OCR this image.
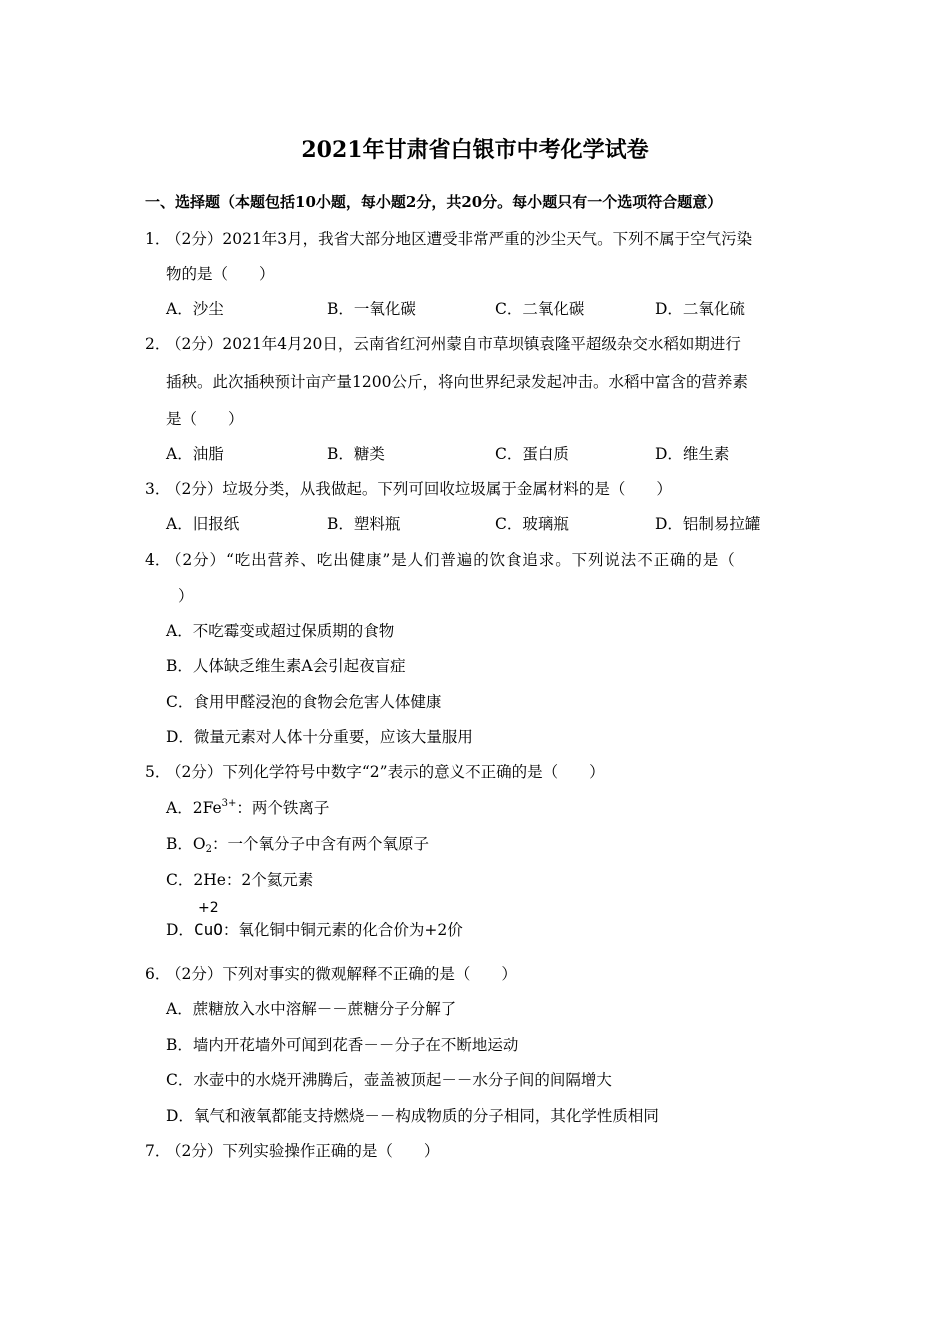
2021年甘肃省白银市中考化学试卷
一、选择题（本题包括10小题，每小题2分，共20分。每小题只有一个选项符合题意）
1．
（2分）2021年3月，我省大部分地区遭受非常严重的沙尘天气。下列不属于空气污染
物的是（　　）
A．沙尘	B．一氧化碳	C．二氧化碳	D．二氧化硫
2．
（2分）2021年4月20日，云南省红河州蒙自市草坝镇袁隆平超级杂交水稻如期进行
插秧。此次插秧预计亩产量1200公斤，将向世界纪录发起冲击。水稻中富含的营养素
是（　　）
A．油脂	B．糖类	C．蛋白质	D．维生素
3．
（2分）垃圾分类，从我做起。下列可回收垃圾属于金属材料的是（　　）
A．旧报纸	B．塑料瓶	C．玻璃瓶	D．铝制易拉罐
4．
（2分）“吃出营养、吃出健康”是人们普遍的饮食追求。下列说法不正确的是（
）
A．不吃霉变或超过保质期的食物
B．人体缺乏维生素A会引起夜盲症
C．食用甲醛浸泡的食物会危害人体健康
D．微量元素对人体十分重要，应该大量服用
5．
（2分）下列化学符号中数字“2”表示的意义不正确的是（　　）
A．$2Fe^{3+}$：两个铁离子
B．$O_2$：一个氧分子中含有两个氧原子
C．2He：2个氦元素
+2
D．CuO：氧化铜中铜元素的化合价为+2价
6．
（2分）下列对事实的微观解释不正确的是（　　）
A．蔗糖放入水中溶解－－蔗糖分子分解了
B．墙内开花墙外可闻到花香－－分子在不断地运动
C．水壶中的水烧开沸腾后，壶盖被顶起－－水分子间的间隔增大
D．氧气和液氧都能支持燃烧－－构成物质的分子相同，其化学性质相同
7．
（2分）下列实验操作正确的是（　　）
